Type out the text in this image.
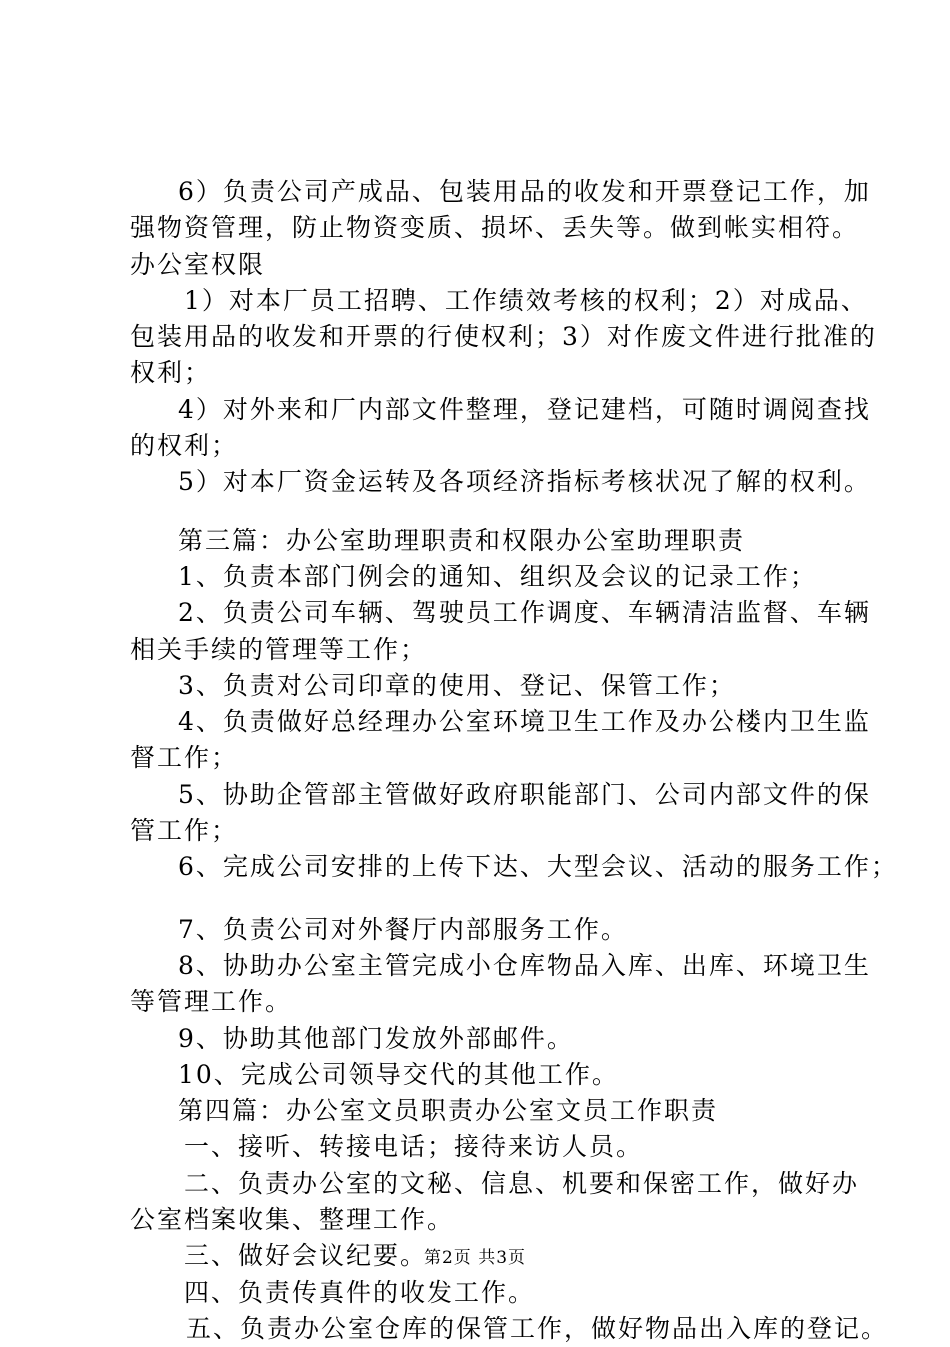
6）负责公司产成品、包装用品的收发和开票登记工作，加
强物资管理，防止物资变质、损坏、丢失等。做到帐实相符。
办公室权限
1）对本厂员工招聘、工作绩效考核的权利；2）对成品、
包装用品的收发和开票的行使权利；3）对作废文件进行批准的
权利；
4）对外来和厂内部文件整理，登记建档，可随时调阅查找
的权利；
5）对本厂资金运转及各项经济指标考核状况了解的权利。
第三篇：办公室助理职责和权限办公室助理职责
1、负责本部门例会的通知、组织及会议的记录工作；
2、负责公司车辆、驾驶员工作调度、车辆清洁监督、车辆
相关手续的管理等工作；
3、负责对公司印章的使用、登记、保管工作；
4、负责做好总经理办公室环境卫生工作及办公楼内卫生监
督工作；
5、协助企管部主管做好政府职能部门、公司内部文件的保
管工作；
6、完成公司安排的上传下达、大型会议、活动的服务工作；
7、负责公司对外餐厅内部服务工作。
8、协助办公室主管完成小仓库物品入库、出库、环境卫生
等管理工作。
9、协助其他部门发放外部邮件。
10、完成公司领导交代的其他工作。
第四篇：办公室文员职责办公室文员工作职责
一、接听、转接电话；接待来访人员。
二、负责办公室的文秘、信息、机要和保密工作，做好办
公室档案收集、整理工作。
三、做好会议纪要。
四、负责传真件的收发工作。
五、负责办公室仓库的保管工作，做好物品出入库的登记。
第2页 共3页
